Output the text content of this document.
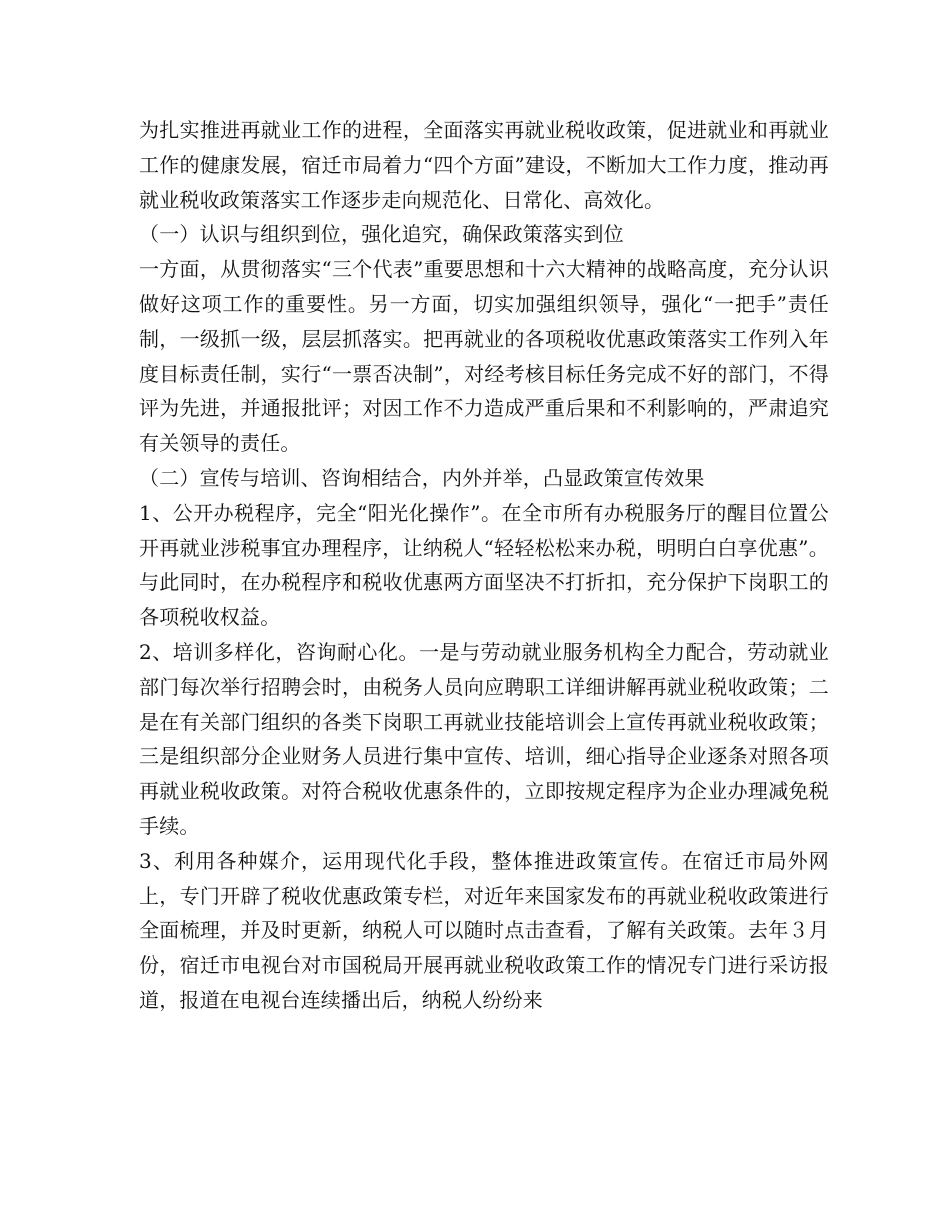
为扎实推进再就业工作的进程，全面落实再就业税收政策，促进就业和再就业工作的健康发展，宿迁市局着力“四个方面”建设，不断加大工作力度，推动再就业税收政策落实工作逐步走向规范化、日常化、高效化。

（一）认识与组织到位，强化追究，确保政策落实到位

一方面，从贯彻落实“三个代表”重要思想和十六大精神的战略高度，充分认识做好这项工作的重要性。另一方面，切实加强组织领导，强化“一把手”责任制，一级抓一级，层层抓落实。把再就业的各项税收优惠政策落实工作列入年度目标责任制，实行“一票否决制”，对经考核目标任务完成不好的部门，不得评为先进，并通报批评；对因工作不力造成严重后果和不利影响的，严肃追究有关领导的责任。

（二）宣传与培训、咨询相结合，内外并举，凸显政策宣传效果

1、公开办税程序，完全“阳光化操作”。在全市所有办税服务厅的醒目位置公开再就业涉税事宜办理程序，让纳税人“轻轻松松来办税，明明白白享优惠”。与此同时，在办税程序和税收优惠两方面坚决不打折扣，充分保护下岗职工的各项税收权益。

2、培训多样化，咨询耐心化。一是与劳动就业服务机构全力配合，劳动就业部门每次举行招聘会时，由税务人员向应聘职工详细讲解再就业税收政策；二是在有关部门组织的各类下岗职工再就业技能培训会上宣传再就业税收政策；三是组织部分企业财务人员进行集中宣传、培训，细心指导企业逐条对照各项再就业税收政策。对符合税收优惠条件的，立即按规定程序为企业办理减免税手续。

3、利用各种媒介，运用现代化手段，整体推进政策宣传。在宿迁市局外网上，专门开辟了税收优惠政策专栏，对近年来国家发布的再就业税收政策进行全面梳理，并及时更新，纳税人可以随时点击查看，了解有关政策。去年３月份，宿迁市电视台对市国税局开展再就业税收政策工作的情况专门进行采访报道，报道在电视台连续播出后，纳税人纷纷来
